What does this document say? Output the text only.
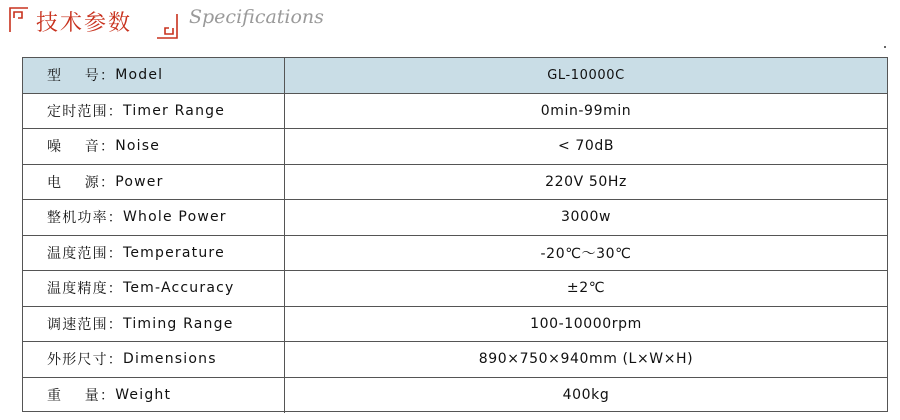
技术参数	Specifications
型    号： Model	GL-10000C
定时范围： Timer Range	0min-99min
噪    音： Noise	< 70dB
电    源： Power	220V 50Hz
整机功率： Whole Power	3000w
温度范围： Temperature	-20℃～30℃
温度精度： Tem-Accuracy	±2℃
调速范围： Timing Range	100-10000rpm
外形尺寸： Dimensions	890×750×940mm (L×W×H)
重    量： Weight	400kg
